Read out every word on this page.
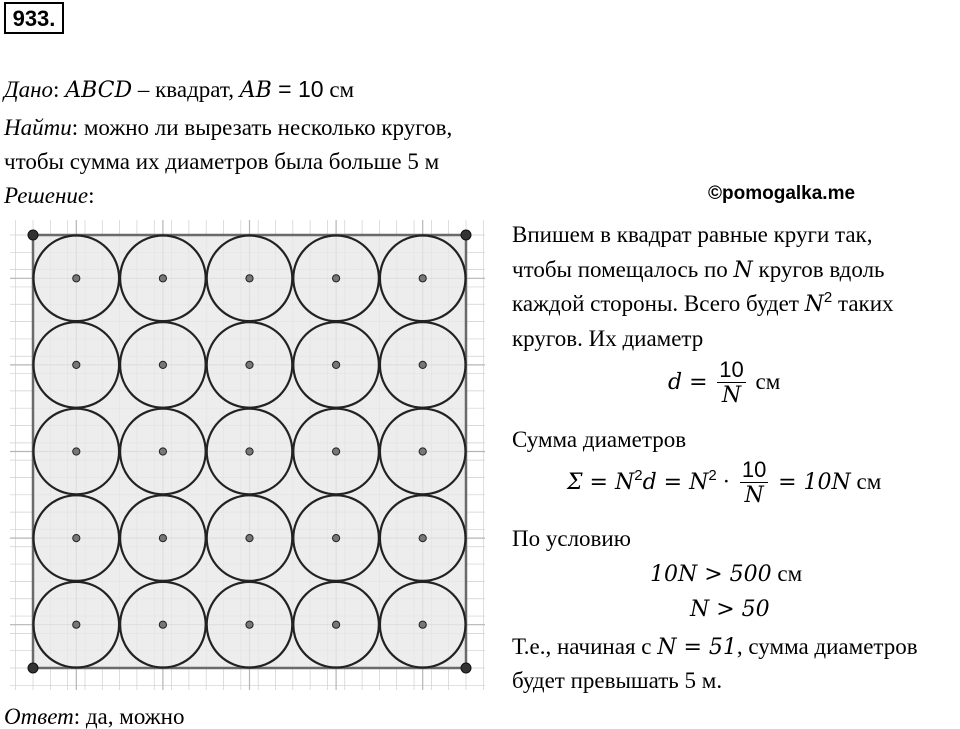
933.
Дано: ABCD – квадрат, AB = 10 см
Найти: можно ли вырезать несколько кругов,
чтобы сумма их диаметров была больше 5 м
Решение:	©pomogalka.me
Впишем в квадрат равные круги так,
чтобы помещалось по N кругов вдоль
каждой стороны. Всего будет $N^2$ таких
кругов. Их диаметр
$d = \frac{10}{N}$ см
Сумма диаметров
$\Sigma = N^2d = N^2 \cdot \frac{10}{N} = 10N$ см
По условию
10N > 500 см
N > 50
Т.е., начиная с N = 51, сумма диаметров
будет превышать 5 м.
Ответ: да, можно
